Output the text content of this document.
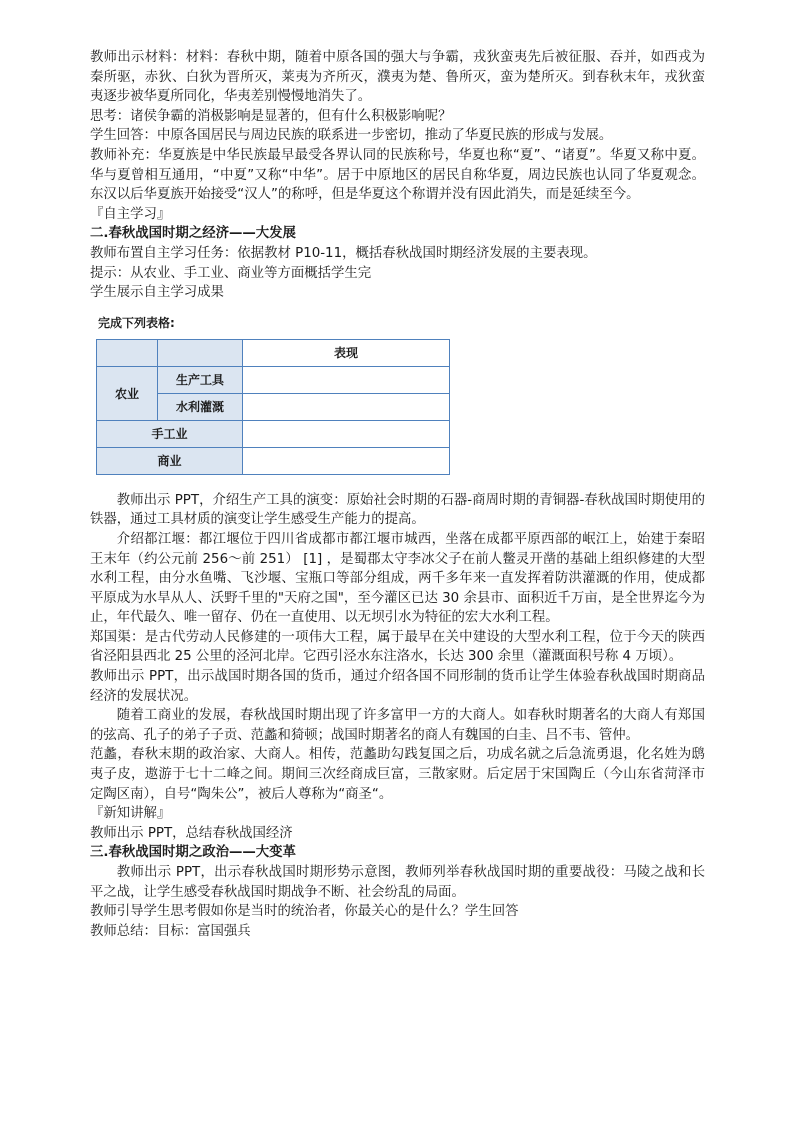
教师出示材料：材料：春秋中期，随着中原各国的强大与争霸，戎狄蛮夷先后被征服、吞并，如西戎为秦所驱，赤狄、白狄为晋所灭，莱夷为齐所灭，濮夷为楚、鲁所灭，蛮为楚所灭。到春秋末年，戎狄蛮夷逐步被华夏所同化，华夷差别慢慢地消失了。

思考：诸侯争霸的消极影响是显著的，但有什么积极影响呢？

学生回答：中原各国居民与周边民族的联系进一步密切，推动了华夏民族的形成与发展。

教师补充：华夏族是中华民族最早最受各界认同的民族称号，华夏也称“夏”、“诸夏”。华夏又称中夏。华与夏曾相互通用，“中夏”又称“中华”。居于中原地区的居民自称华夏，周边民族也认同了华夏观念。东汉以后华夏族开始接受“汉人”的称呼，但是华夏这个称谓并没有因此消失，而是延续至今。

『自主学习』

二.春秋战国时期之经济——大发展

教师布置自主学习任务：依据教材 P10-11，概括春秋战国时期经济发展的主要表现。

提示：从农业、手工业、商业等方面概括学生完

学生展示自主学习成果

完成下列表格:
		表现
农业	生产工具	
	水利灌溉	
手工业		
商业		

教师出示 PPT，介绍生产工具的演变：原始社会时期的石器-商周时期的青铜器-春秋战国时期使用的铁器，通过工具材质的演变让学生感受生产能力的提高。

介绍都江堰：都江堰位于四川省成都市都江堰市城西，坐落在成都平原西部的岷江上，始建于秦昭王末年（约公元前 256～前 251） [1] ，是蜀郡太守李冰父子在前人鳖灵开凿的基础上组织修建的大型水利工程，由分水鱼嘴、飞沙堰、宝瓶口等部分组成，两千多年来一直发挥着防洪灌溉的作用，使成都平原成为水旱从人、沃野千里的"天府之国"，至今灌区已达 30 余县市、面积近千万亩，是全世界迄今为止，年代最久、唯一留存、仍在一直使用、以无坝引水为特征的宏大水利工程。

郑国渠：是古代劳动人民修建的一项伟大工程，属于最早在关中建设的大型水利工程，位于今天的陕西省泾阳县西北 25 公里的泾河北岸。它西引泾水东注洛水，长达 300 余里（灌溉面积号称 4 万顷）。

教师出示 PPT，出示战国时期各国的货币，通过介绍各国不同形制的货币让学生体验春秋战国时期商品经济的发展状况。

随着工商业的发展，春秋战国时期出现了许多富甲一方的大商人。如春秋时期著名的大商人有郑国的弦高、孔子的弟子子贡、范蠡和猗顿；战国时期著名的商人有魏国的白圭、吕不韦、管仲。

范蠡，春秋末期的政治家、大商人。相传，范蠡助勾践复国之后，功成名就之后急流勇退，化名姓为鸱夷子皮，遨游于七十二峰之间。期间三次经商成巨富，三散家财。后定居于宋国陶丘（今山东省菏泽市定陶区南），自号“陶朱公”，被后人尊称为“商圣“。

『新知讲解』

教师出示 PPT，总结春秋战国经济

三.春秋战国时期之政治——大变革

教师出示 PPT，出示春秋战国时期形势示意图，教师列举春秋战国时期的重要战役：马陵之战和长平之战，让学生感受春秋战国时期战争不断、社会纷乱的局面。

教师引导学生思考假如你是当时的统治者，你最关心的是什么？学生回答

教师总结：目标：富国强兵
